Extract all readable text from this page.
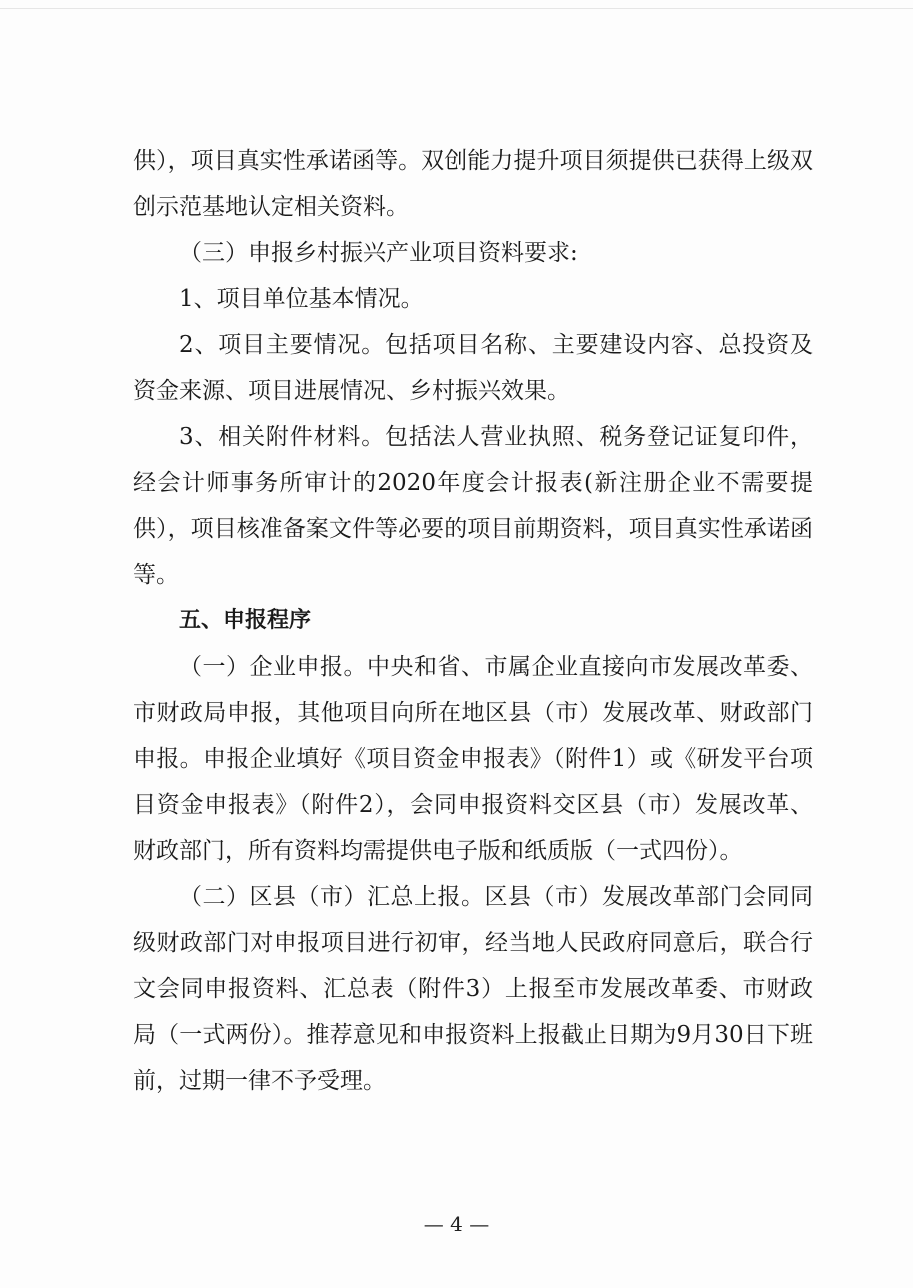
供），项目真实性承诺函等。双创能力提升项目须提供已获得上级双创示范基地认定相关资料。

（三）申报乡村振兴产业项目资料要求:

1、项目单位基本情况。

2、项目主要情况。包括项目名称、主要建设内容、总投资及资金来源、项目进展情况、乡村振兴效果。

3、相关附件材料。包括法人营业执照、税务登记证复印件，经会计师事务所审计的2020年度会计报表(新注册企业不需要提供），项目核准备案文件等必要的项目前期资料，项目真实性承诺函等。

五、申报程序

（一）企业申报。中央和省、市属企业直接向市发展改革委、市财政局申报，其他项目向所在地区县（市）发展改革、财政部门申报。申报企业填好《项目资金申报表》（附件1）或《研发平台项目资金申报表》（附件2），会同申报资料交区县（市）发展改革、财政部门，所有资料均需提供电子版和纸质版（一式四份）。

（二）区县（市）汇总上报。区县（市）发展改革部门会同同级财政部门对申报项目进行初审，经当地人民政府同意后，联合行文会同申报资料、汇总表（附件3）上报至市发展改革委、市财政局（一式两份）。推荐意见和申报资料上报截止日期为9月30日下班前，过期一律不予受理。

— 4 —
